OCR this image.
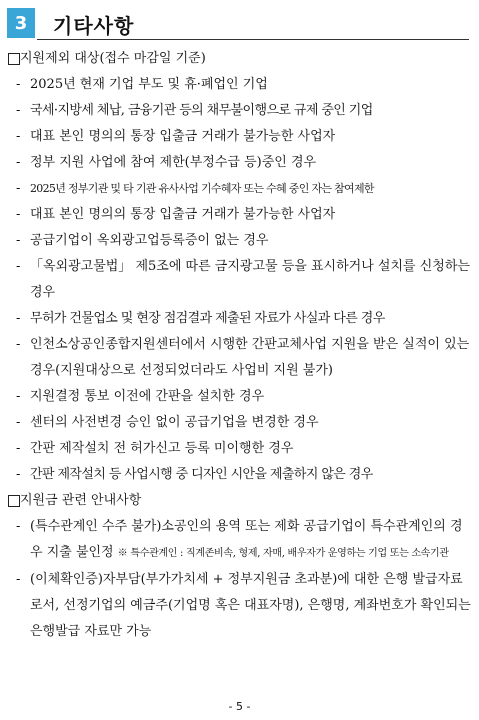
3	기타사항
지원제외 대상(접수 마감일 기준)
- 2025년 현재 기업 부도 및 휴·폐업인 기업
- 국세·지방세 체납, 금융기관 등의 채무불이행으로 규제 중인 기업
- 대표 본인 명의의 통장 입출금 거래가 불가능한 사업자
- 정부 지원 사업에 참여 제한(부정수급 등)중인 경우
- 2025년 정부기관 및 타 기관 유사사업 기수혜자 또는 수혜 중인 자는 참여제한
- 대표 본인 명의의 통장 입출금 거래가 불가능한 사업자
- 공급기업이 옥외광고업등록증이 없는 경우
- 「옥외광고물법」 제5조에 따른 금지광고물 등을 표시하거나 설치를 신청하는 경우
- 무허가 건물업소 및 현장 점검결과 제출된 자료가 사실과 다른 경우
- 인천소상공인종합지원센터에서 시행한 간판교체사업 지원을 받은 실적이 있는 경우(지원대상으로 선정되었더라도 사업비 지원 불가)
- 지원결정 통보 이전에 간판을 설치한 경우
- 센터의 사전변경 승인 없이 공급기업을 변경한 경우
- 간판 제작설치 전 허가신고 등록 미이행한 경우
- 간판 제작설치 등 사업시행 중 디자인 시안을 제출하지 않은 경우
지원금 관련 안내사항
- (특수관계인 수주 불가)소공인의 용역 또는 제화 공급기업이 특수관계인의 경우 지출 불인정 ※ 특수관계인 : 직계존비속, 형제, 자매, 배우자가 운영하는 기업 또는 소속기관
- (이체확인증)자부담(부가가치세 + 정부지원금 초과분)에 대한 은행 발급자료로서, 선정기업의 예금주(기업명 혹은 대표자명), 은행명, 계좌번호가 확인되는 은행발급 자료만 가능
- 5 -
